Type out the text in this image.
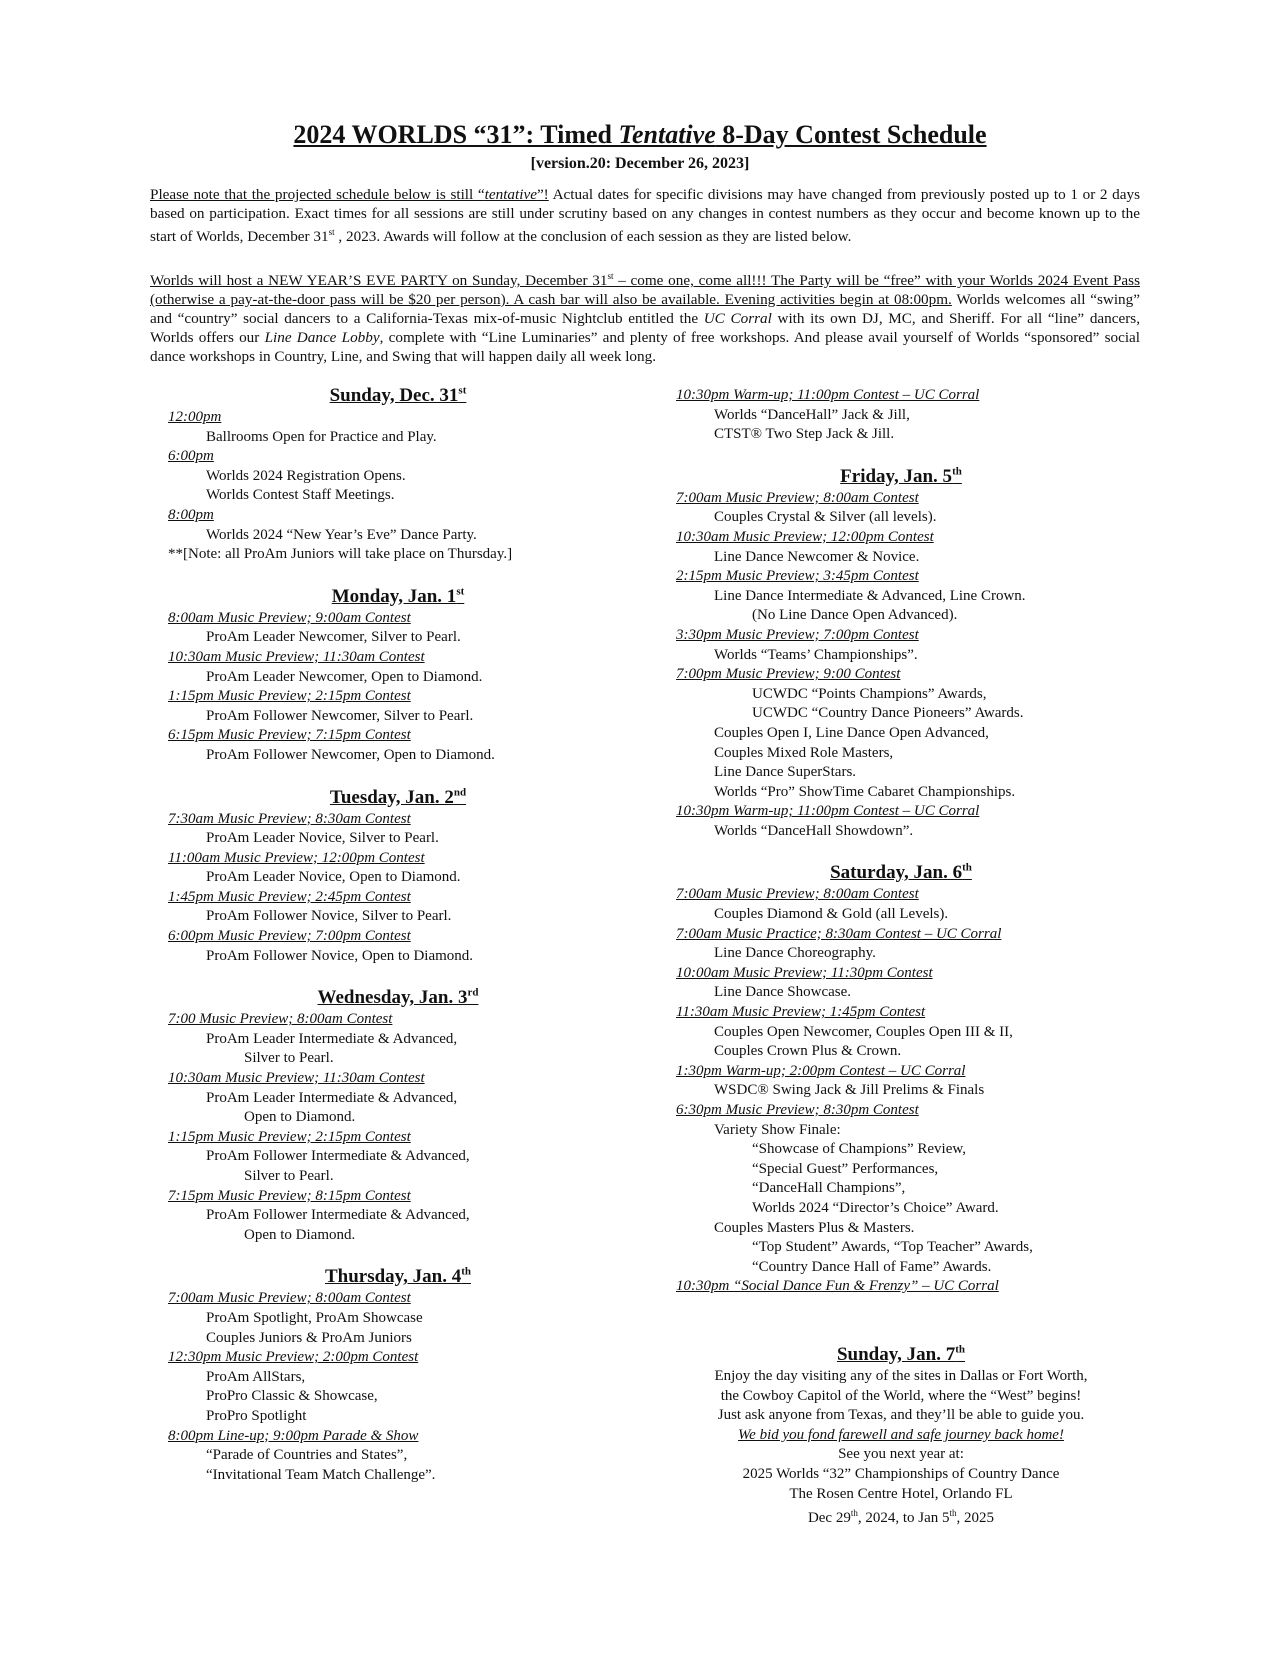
2024 WORLDS “31”: Timed Tentative 8-Day Contest Schedule
[version.20: December 26, 2023]

Please note that the projected schedule below is still “tentative”! Actual dates for specific divisions may have changed from previously posted up to 1 or 2 days based on participation. Exact times for all sessions are still under scrutiny based on any changes in contest numbers as they occur and become known up to the start of Worlds, December 31st , 2023. Awards will follow at the conclusion of each session as they are listed below.

Worlds will host a NEW YEAR’S EVE PARTY on Sunday, December 31st – come one, come all!!! The Party will be “free” with your Worlds 2024 Event Pass (otherwise a pay-at-the-door pass will be $20 per person). A cash bar will also be available. Evening activities begin at 08:00pm. Worlds welcomes all “swing” and “country” social dancers to a California-Texas mix-of-music Nightclub entitled the UC Corral with its own DJ, MC, and Sheriff. For all “line” dancers, Worlds offers our Line Dance Lobby, complete with “Line Luminaries” and plenty of free workshops. And please avail yourself of Worlds “sponsored” social dance workshops in Country, Line, and Swing that will happen daily all week long.

Sunday, Dec. 31st
12:00pm
Ballrooms Open for Practice and Play.
6:00pm
Worlds 2024 Registration Opens.
Worlds Contest Staff Meetings.
8:00pm
Worlds 2024 “New Year’s Eve” Dance Party.
**[Note: all ProAm Juniors will take place on Thursday.]
Monday, Jan. 1st
8:00am Music Preview; 9:00am Contest
ProAm Leader Newcomer, Silver to Pearl.
10:30am Music Preview; 11:30am Contest
ProAm Leader Newcomer, Open to Diamond.
1:15pm Music Preview; 2:15pm Contest
ProAm Follower Newcomer, Silver to Pearl.
6:15pm Music Preview; 7:15pm Contest
ProAm Follower Newcomer, Open to Diamond.
Tuesday, Jan. 2nd
7:30am Music Preview; 8:30am Contest
ProAm Leader Novice, Silver to Pearl.
11:00am Music Preview; 12:00pm Contest
ProAm Leader Novice, Open to Diamond.
1:45pm Music Preview; 2:45pm Contest
ProAm Follower Novice, Silver to Pearl.
6:00pm Music Preview; 7:00pm Contest
ProAm Follower Novice, Open to Diamond.
Wednesday, Jan. 3rd
7:00 Music Preview; 8:00am Contest
ProAm Leader Intermediate & Advanced,
Silver to Pearl.
10:30am Music Preview; 11:30am Contest
ProAm Leader Intermediate & Advanced,
Open to Diamond.
1:15pm Music Preview; 2:15pm Contest
ProAm Follower Intermediate & Advanced,
Silver to Pearl.
7:15pm Music Preview; 8:15pm Contest
ProAm Follower Intermediate & Advanced,
Open to Diamond.
Thursday, Jan. 4th
7:00am Music Preview; 8:00am Contest
ProAm Spotlight, ProAm Showcase
Couples Juniors & ProAm Juniors
12:30pm Music Preview; 2:00pm Contest
ProAm AllStars,
ProPro Classic & Showcase,
ProPro Spotlight
8:00pm Line-up; 9:00pm Parade & Show
“Parade of Countries and States”,
“Invitational Team Match Challenge”.
10:30pm Warm-up; 11:00pm Contest – UC Corral
Worlds “DanceHall” Jack & Jill,
CTST® Two Step Jack & Jill.
Friday, Jan. 5th
7:00am Music Preview; 8:00am Contest
Couples Crystal & Silver (all levels).
10:30am Music Preview; 12:00pm Contest
Line Dance Newcomer & Novice.
2:15pm Music Preview; 3:45pm Contest
Line Dance Intermediate & Advanced, Line Crown.
(No Line Dance Open Advanced).
3:30pm Music Preview; 7:00pm Contest
Worlds “Teams’ Championships”.
7:00pm Music Preview; 9:00 Contest
UCWDC “Points Champions” Awards,
UCWDC “Country Dance Pioneers” Awards.
Couples Open I, Line Dance Open Advanced,
Couples Mixed Role Masters,
Line Dance SuperStars.
Worlds “Pro” ShowTime Cabaret Championships.
10:30pm Warm-up; 11:00pm Contest – UC Corral
Worlds “DanceHall Showdown”.
Saturday, Jan. 6th
7:00am Music Preview; 8:00am Contest
Couples Diamond & Gold (all Levels).
7:00am Music Practice; 8:30am Contest – UC Corral
Line Dance Choreography.
10:00am Music Preview; 11:30pm Contest
Line Dance Showcase.
11:30am Music Preview; 1:45pm Contest
Couples Open Newcomer, Couples Open III & II,
Couples Crown Plus & Crown.
1:30pm Warm-up; 2:00pm Contest – UC Corral
WSDC® Swing Jack & Jill Prelims & Finals
6:30pm Music Preview; 8:30pm Contest
Variety Show Finale:
“Showcase of Champions” Review,
“Special Guest” Performances,
“DanceHall Champions”,
Worlds 2024 “Director’s Choice” Award.
Couples Masters Plus & Masters.
“Top Student” Awards, “Top Teacher” Awards,
“Country Dance Hall of Fame” Awards.
10:30pm “Social Dance Fun & Frenzy” – UC Corral
Sunday, Jan. 7th
Enjoy the day visiting any of the sites in Dallas or Fort Worth,
the Cowboy Capitol of the World, where the “West” begins!
Just ask anyone from Texas, and they’ll be able to guide you.
We bid you fond farewell and safe journey back home!
See you next year at:
2025 Worlds “32” Championships of Country Dance
The Rosen Centre Hotel, Orlando FL
Dec 29th, 2024, to Jan 5th, 2025
